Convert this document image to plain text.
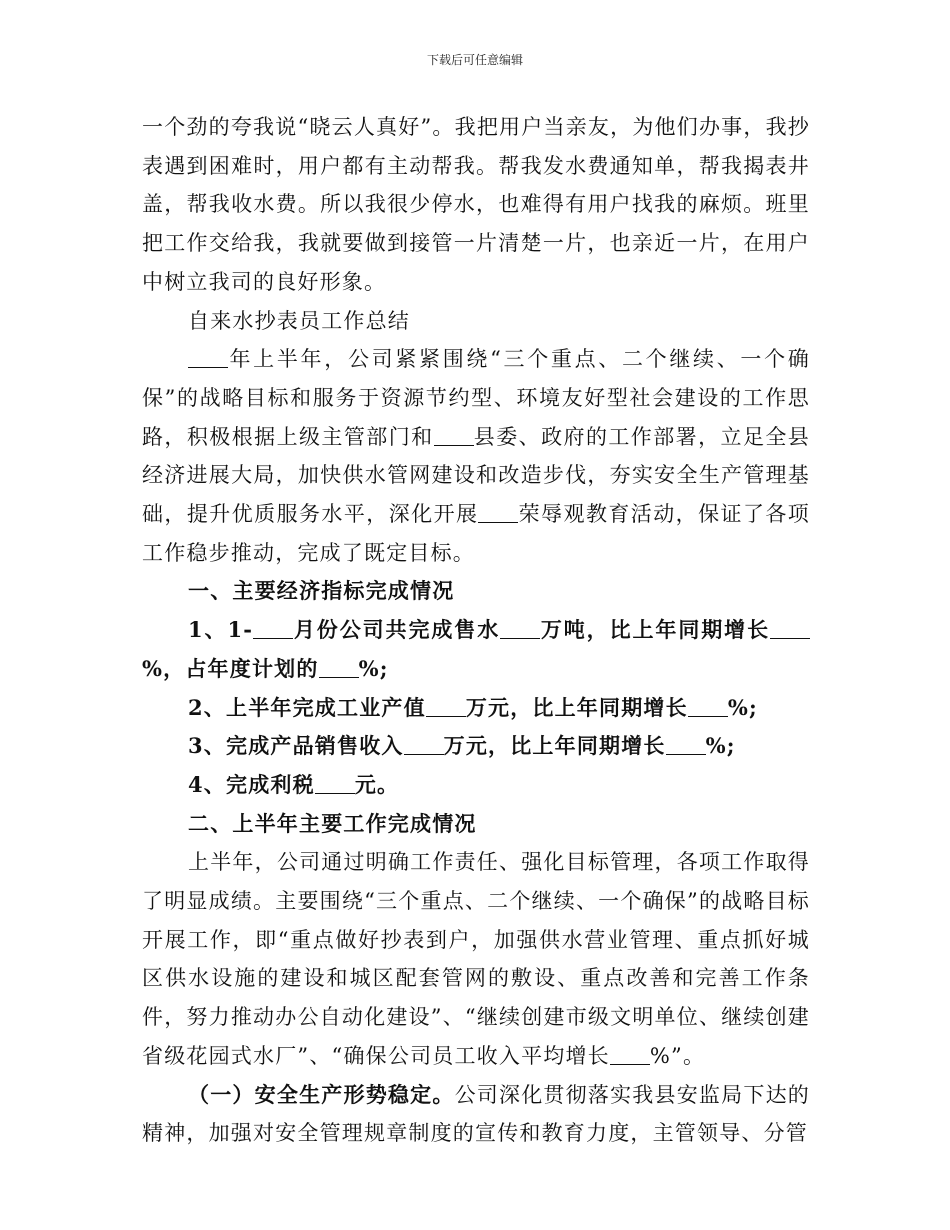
下载后可任意编辑

一个劲的夸我说“晓云人真好”。我把用户当亲友，为他们办事，我抄表遇到困难时，用户都有主动帮我。帮我发水费通知单，帮我揭表井盖，帮我收水费。所以我很少停水，也难得有用户找我的麻烦。班里把工作交给我，我就要做到接管一片清楚一片，也亲近一片，在用户中树立我司的良好形象。

自来水抄表员工作总结

年上半年，公司紧紧围绕“三个重点、二个继续、一个确保”的战略目标和服务于资源节约型、环境友好型社会建设的工作思路，积极根据上级主管部门和 县委、政府的工作部署，立足全县经济进展大局，加快供水管网建设和改造步伐，夯实安全生产管理基础，提升优质服务水平，深化开展 荣辱观教育活动，保证了各项工作稳步推动，完成了既定目标。

一、主要经济指标完成情况

1、1- 月份公司共完成售水 万吨，比上年同期增长%，占年度计划的 %;

2、上半年完成工业产值 万元，比上年同期增长 %;

3、完成产品销售收入 万元，比上年同期增长 %;

4、完成利税 元。

二、上半年主要工作完成情况

上半年，公司通过明确工作责任、强化目标管理，各项工作取得了明显成绩。主要围绕“三个重点、二个继续、一个确保”的战略目标开展工作，即“重点做好抄表到户，加强供水营业管理、重点抓好城区供水设施的建设和城区配套管网的敷设、重点改善和完善工作条件，努力推动办公自动化建设”、“继续创建市级文明单位、继续创建省级花园式水厂”、“确保公司员工收入平均增长 %”。

（一）安全生产形势稳定。公司深化贯彻落实我县安监局下达的精神，加强对安全管理规章制度的宣传和教育力度，主管领导、分管
